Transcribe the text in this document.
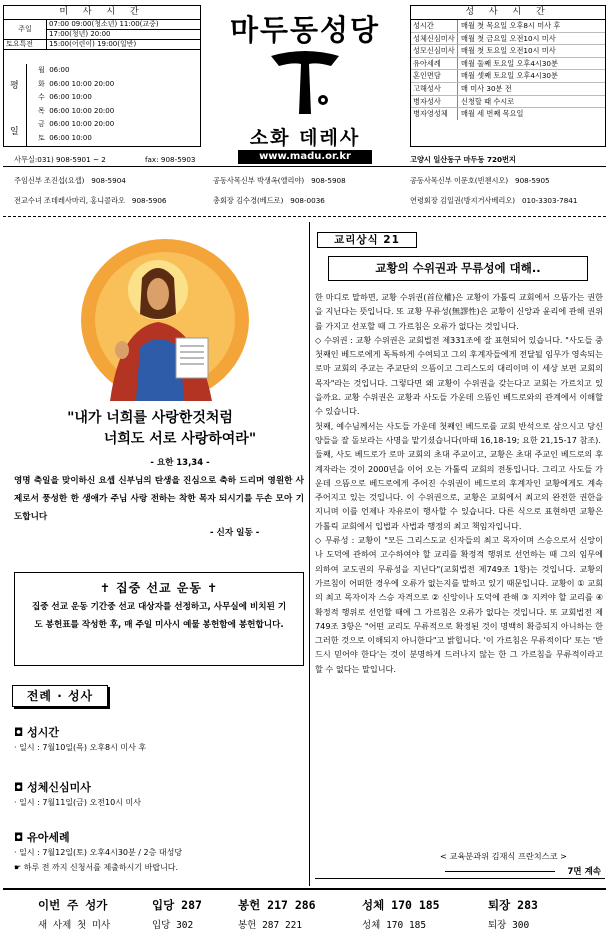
미 사 시 간
주일	07:00 09:00(청소년) 11:00(교중)
	17:00(청년) 20:00
토요특전	15:00(어린이) 19:00(일반)
평
일
월 06:00
화 06:00 10:00 20:00
수 06:00 10:00
목 06:00 10:00 20:00
금 06:00 10:00 20:00
토 06:00 10:00
마두동성당
소화 데레사
www.madu.or.kr
성 사 시 간
성시간	매월 첫 목요일 오후8시 미사 후
성체신심미사 매월 첫 금요일 오전10시 미사
성모신심미사 매월 첫 토요일 오전10시 미사
유아세례	매월 둘째 토요일 오후4시30분
혼인면담	매월 셋째 토요일 오후4시30분
고해성사	매 미사 30분 전
병자성사	신청할 때 수시로
병자영성체	매월 세 번째 목요일
사무실:031) 908-5901 ~ 2	fax: 908-5903	고양시 일산동구 마두동 720번지
주임신부 조진섭(요셉) 908-5904	공동사목신부 박생옥(엘리야) 908-5908	공동사목신부 이문호(빈첸시오) 908-5905
전교수녀 조데레사마리, 홍니콜라오 908-5906	총회장 김수경(베드로) 908-0036	연령회장 김일권(방지거사베리오) 010-3303-7841
"내가 너희를 사랑한것처럼
너희도 서로 사랑하여라"
- 요한 13,34 -
영명 축일을 맞이하신 요셉 신부님의 탄생을 진심으로 축하 드리며 영원한 사제로서 풍성한 한 생애가 주님 사랑 전하는 착한 목자 되시기를 두손 모아 기도합니다
- 신자 일동 -
✝ 집중 선교 운동 ✝
집중 선교 운동 기간중 선교 대상자를 선정하고, 사무실에 비치된 기도 봉헌표를 작성한 후, 매 주일 미사시 예물 봉헌함에 봉헌합니다.
전례 · 성사
◘ 성시간
· 일시 : 7월10일(목) 오후8시 미사 후
◘ 성체신심미사
· 일시 : 7월11일(금) 오전10시 미사
◘ 유아세례
· 일시 : 7월12일(토) 오후4시30분 / 2층 대성당
☛ 하루 전 까지 신청서를 제출하시기 바랍니다.
교리상식 21
교황의 수위권과 무류성에 대해..

한 마디로 말하면, 교황 수위권(首位權)은 교황이 가톨릭 교회에서 으뜸가는 권한을 지닌다는 뜻입니다. 또 교황 무류성(無謬性)은 교황이 신앙과 윤리에 관해 권위를 가지고 선포할 때 그 가르침은 오류가 없다는 것입니다.

◇ 수위권 : 교황 수위권은 교회법전 제331조에 잘 표현되어 있습니다. "사도들 중 첫째인 베드로에게 독특하게 수여되고 그의 후계자들에게 전달될 임무가 영속되는 로마 교회의 주교는 주교단의 으뜸이고 그리스도의 대리이며 이 세상 보편 교회의 목자"라는 것입니다. 그렇다면 왜 교황이 수위권을 갖는다고 교회는 가르치고 있을까요. 교황 수위권은 교황과 사도들 가운데 으뜸인 베드로와의 관계에서 이해할 수 있습니다.

첫째, 예수님께서는 사도들 가운데 첫째인 베드로를 교회 반석으로 삼으시고 당신 양들을 잘 돌보라는 사명을 맡기셨습니다(마태 16,18-19; 요한 21,15-17 참조).

둘째, 사도 베드로가 로마 교회의 초대 주교이고, 교황은 초대 주교인 베드로의 후계자라는 것이 2000년을 이어 오는 가톨릭 교회의 전통입니다. 그리고 사도들 가운데 으뜸으로 베드로에게 주어진 수위권이 베드로의 후계자인 교황에게도 계속 주어지고 있는 것입니다. 이 수위권으로, 교황은 교회에서 최고의 완전한 권한을 지니며 이를 언제나 자유로이 행사할 수 있습니다. 다른 식으로 표현하면 교황은 가톨릭 교회에서 입법과 사법과 행정의 최고 책임자입니다.

◇ 무류성 : 교황이 "모든 그리스도교 신자들의 최고 목자이며 스승으로서 신앙이나 도덕에 관하여 고수하여야 할 교리를 확정적 행위로 선언하는 때 그의 임무에 의하여 교도권의 무류성을 지닌다"(교회법전 제749조 1항)는 것입니다. 교황의 가르침이 어떠한 경우에 오류가 없는지를 말하고 있기 때문입니다. 교황이 ① 교회의 최고 목자이자 스승 자격으로 ② 신앙이나 도덕에 관해 ③ 지켜야 할 교리를 ④ 확정적 행위로 선언할 때에 그 가르침은 오류가 없다는 것입니다. 또 교회법전 제749조 3항은 "어떤 교리도 무류적으로 확정된 것이 명백히 확증되지 아니하는 한 그러한 것으로 이해되지 아니한다"고 밝힙니다. '이 가르침은 무류적이다' 또는 '반드시 믿어야 한다'는 것이 분명하게 드러나지 않는 한 그 가르침을 무류적이라고 할 수 없다는 말입니다.

< 교육분과위 김재식 프란치스코 >
7면 계속
이번 주 성가	입당 287	봉헌 217 286	성체 170 185	퇴장 283
새 사제 첫 미사	입당 302	봉헌 287 221	성체 170 185	퇴장 300
